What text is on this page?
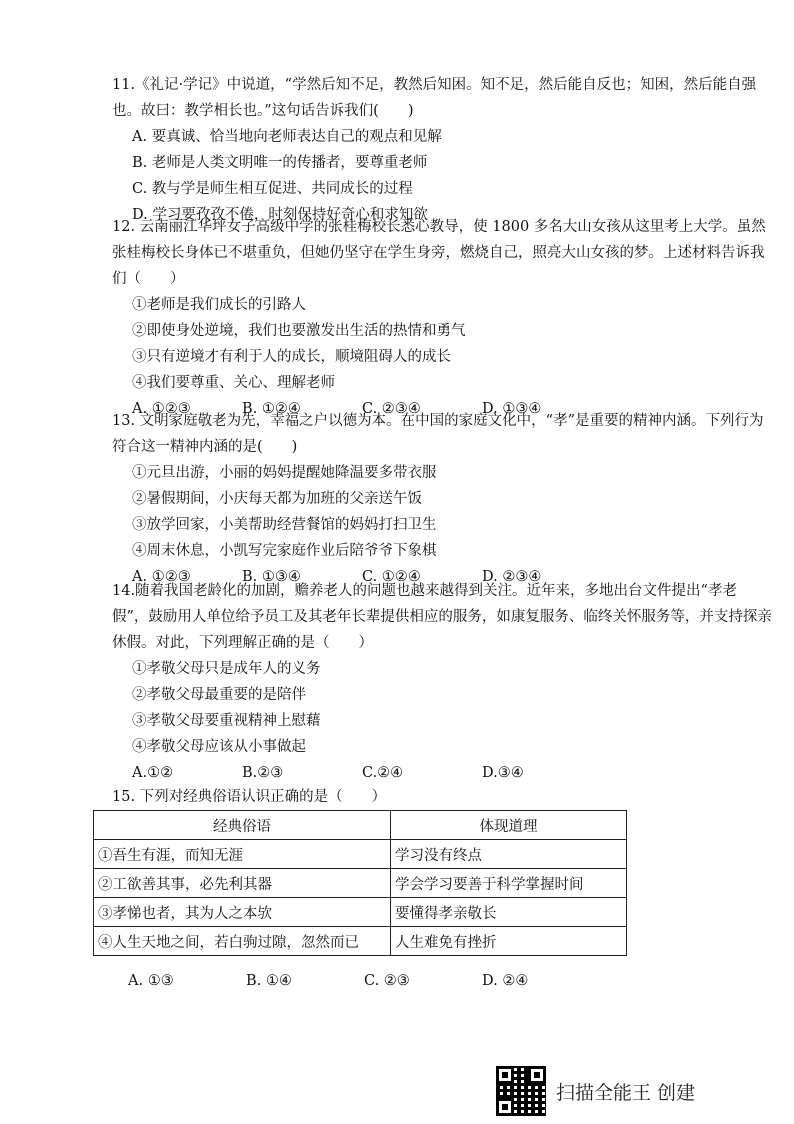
11.《礼记·学记》中说道，“学然后知不足，教然后知困。知不足，然后能自反也；知困，然后能自强也。故曰：教学相长也。”这句话告诉我们(　　)

A. 要真诚、恰当地向老师表达自己的观点和见解

B. 老师是人类文明唯一的传播者，要尊重老师

C. 教与学是师生相互促进、共同成长的过程

D. 学习要孜孜不倦，时刻保持好奇心和求知欲

12. 云南丽江华坪女子高级中学的张桂梅校长悉心教导，使 1800 多名大山女孩从这里考上大学。虽然张桂梅校长身体已不堪重负，但她仍坚守在学生身旁，燃烧自己，照亮大山女孩的梦。上述材料告诉我们（　　）

①老师是我们成长的引路人

②即使身处逆境，我们也要激发出生活的热情和勇气

③只有逆境才有利于人的成长，顺境阻碍人的成长

④我们要尊重、关心、理解老师

A. ①②③	B. ①②④	C. ②③④	D. ①③④

13. 文明家庭敬老为先，幸福之户以德为本。在中国的家庭文化中，“孝”是重要的精神内涵。下列行为符合这一精神内涵的是(　　)

①元旦出游，小丽的妈妈提醒她降温要多带衣服

②暑假期间，小庆每天都为加班的父亲送午饭

③放学回家，小美帮助经营餐馆的妈妈打扫卫生

④周末休息，小凯写完家庭作业后陪爷爷下象棋

A. ①②③	B. ①③④	C. ①②④	D. ②③④

14.随着我国老龄化的加剧，赡养老人的问题也越来越得到关注。近年来，多地出台文件提出“孝老假”，鼓励用人单位给予员工及其老年长辈提供相应的服务，如康复服务、临终关怀服务等，并支持探亲休假。对此，下列理解正确的是（　　）

①孝敬父母只是成年人的义务

②孝敬父母最重要的是陪伴

③孝敬父母要重视精神上慰藉

④孝敬父母应该从小事做起

A.①②	B.②③	C.②④	D.③④

15. 下列对经典俗语认识正确的是（　　）

经典俗语	体现道理
①吾生有涯，而知无涯	学习没有终点
②工欲善其事，必先利其器	学会学习要善于科学掌握时间
③孝悌也者，其为人之本欤	要懂得孝亲敬长
④人生天地之间，若白驹过隙，忽然而已	人生难免有挫折
A. ①③	B. ①④	C. ②③	D. ②④
扫描全能王 创建
